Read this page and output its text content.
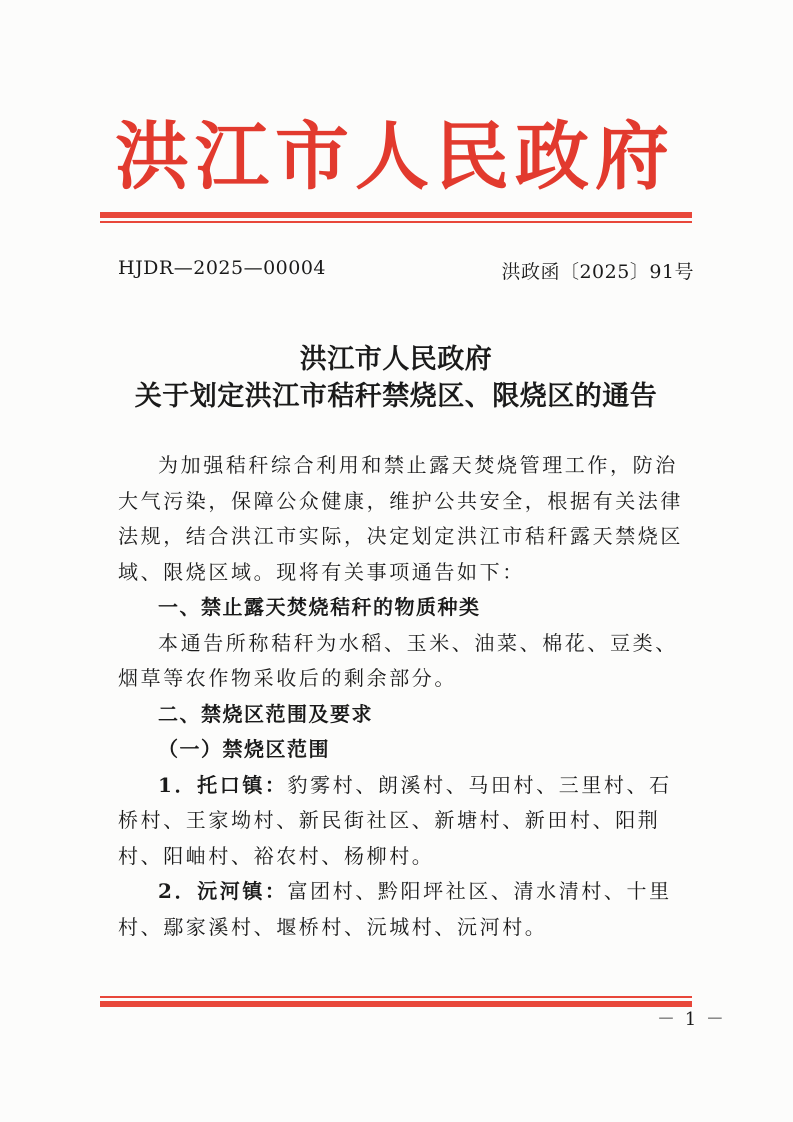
洪江市人民政府
HJDR—2025—00004	洪政函〔2025〕91号
洪江市人民政府
关于划定洪江市秸秆禁烧区、限烧区的通告

为加强秸秆综合利用和禁止露天焚烧管理工作，防治大气污染，保障公众健康，维护公共安全，根据有关法律法规，结合洪江市实际，决定划定洪江市秸秆露天禁烧区域、限烧区域。现将有关事项通告如下：

一、禁止露天焚烧秸秆的物质种类

本通告所称秸秆为水稻、玉米、油菜、棉花、豆类、烟草等农作物采收后的剩余部分。

二、禁烧区范围及要求

（一）禁烧区范围

1．托口镇：豹雾村、朗溪村、马田村、三里村、石桥村、王家坳村、新民街社区、新塘村、新田村、阳荆村、阳岫村、裕农村、杨柳村。

2．沅河镇：富团村、黔阳坪社区、清水清村、十里村、鄢家溪村、堰桥村、沅城村、沅河村。

－ 1 －
